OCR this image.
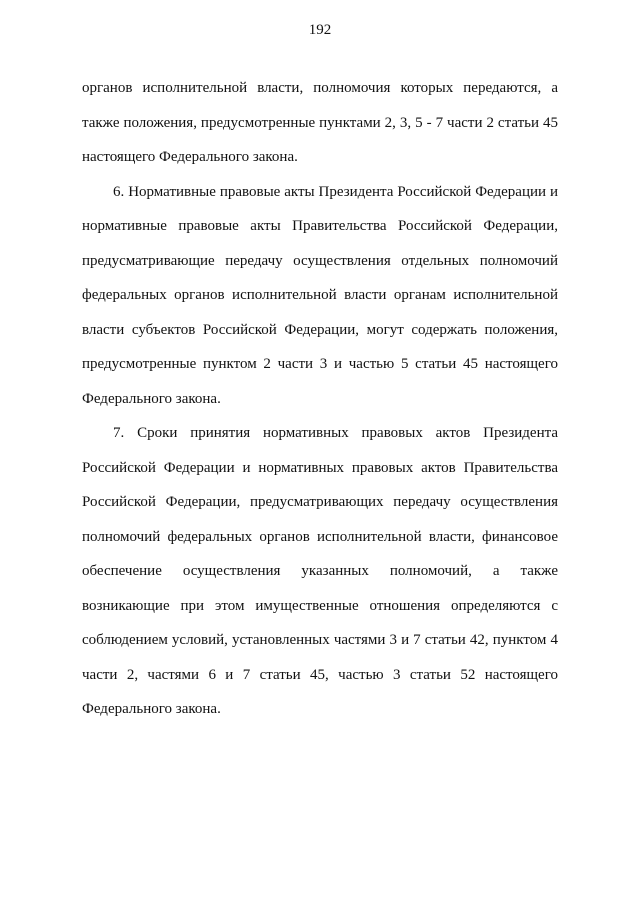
192
органов исполнительной власти, полномочия которых передаются, а
также положения, предусмотренные пунктами 2, 3, 5 - 7 части 2 статьи 45
настоящего Федерального закона.
6. Нормативные правовые акты Президента Российской Федерации и
нормативные правовые акты Правительства Российской Федерации,
предусматривающие передачу осуществления отдельных полномочий
федеральных органов исполнительной власти органам исполнительной
власти субъектов Российской Федерации, могут содержать положения,
предусмотренные пунктом 2 части 3 и частью 5 статьи 45 настоящего
Федерального закона.
7. Сроки принятия нормативных правовых актов Президента
Российской Федерации и нормативных правовых актов Правительства
Российской Федерации, предусматривающих передачу осуществления
полномочий федеральных органов исполнительной власти, финансовое
обеспечение осуществления указанных полномочий, а также
возникающие при этом имущественные отношения определяются с
соблюдением условий, установленных частями 3 и 7 статьи 42, пунктом 4
части 2, частями 6 и 7 статьи 45, частью 3 статьи 52 настоящего
Федерального закона.
